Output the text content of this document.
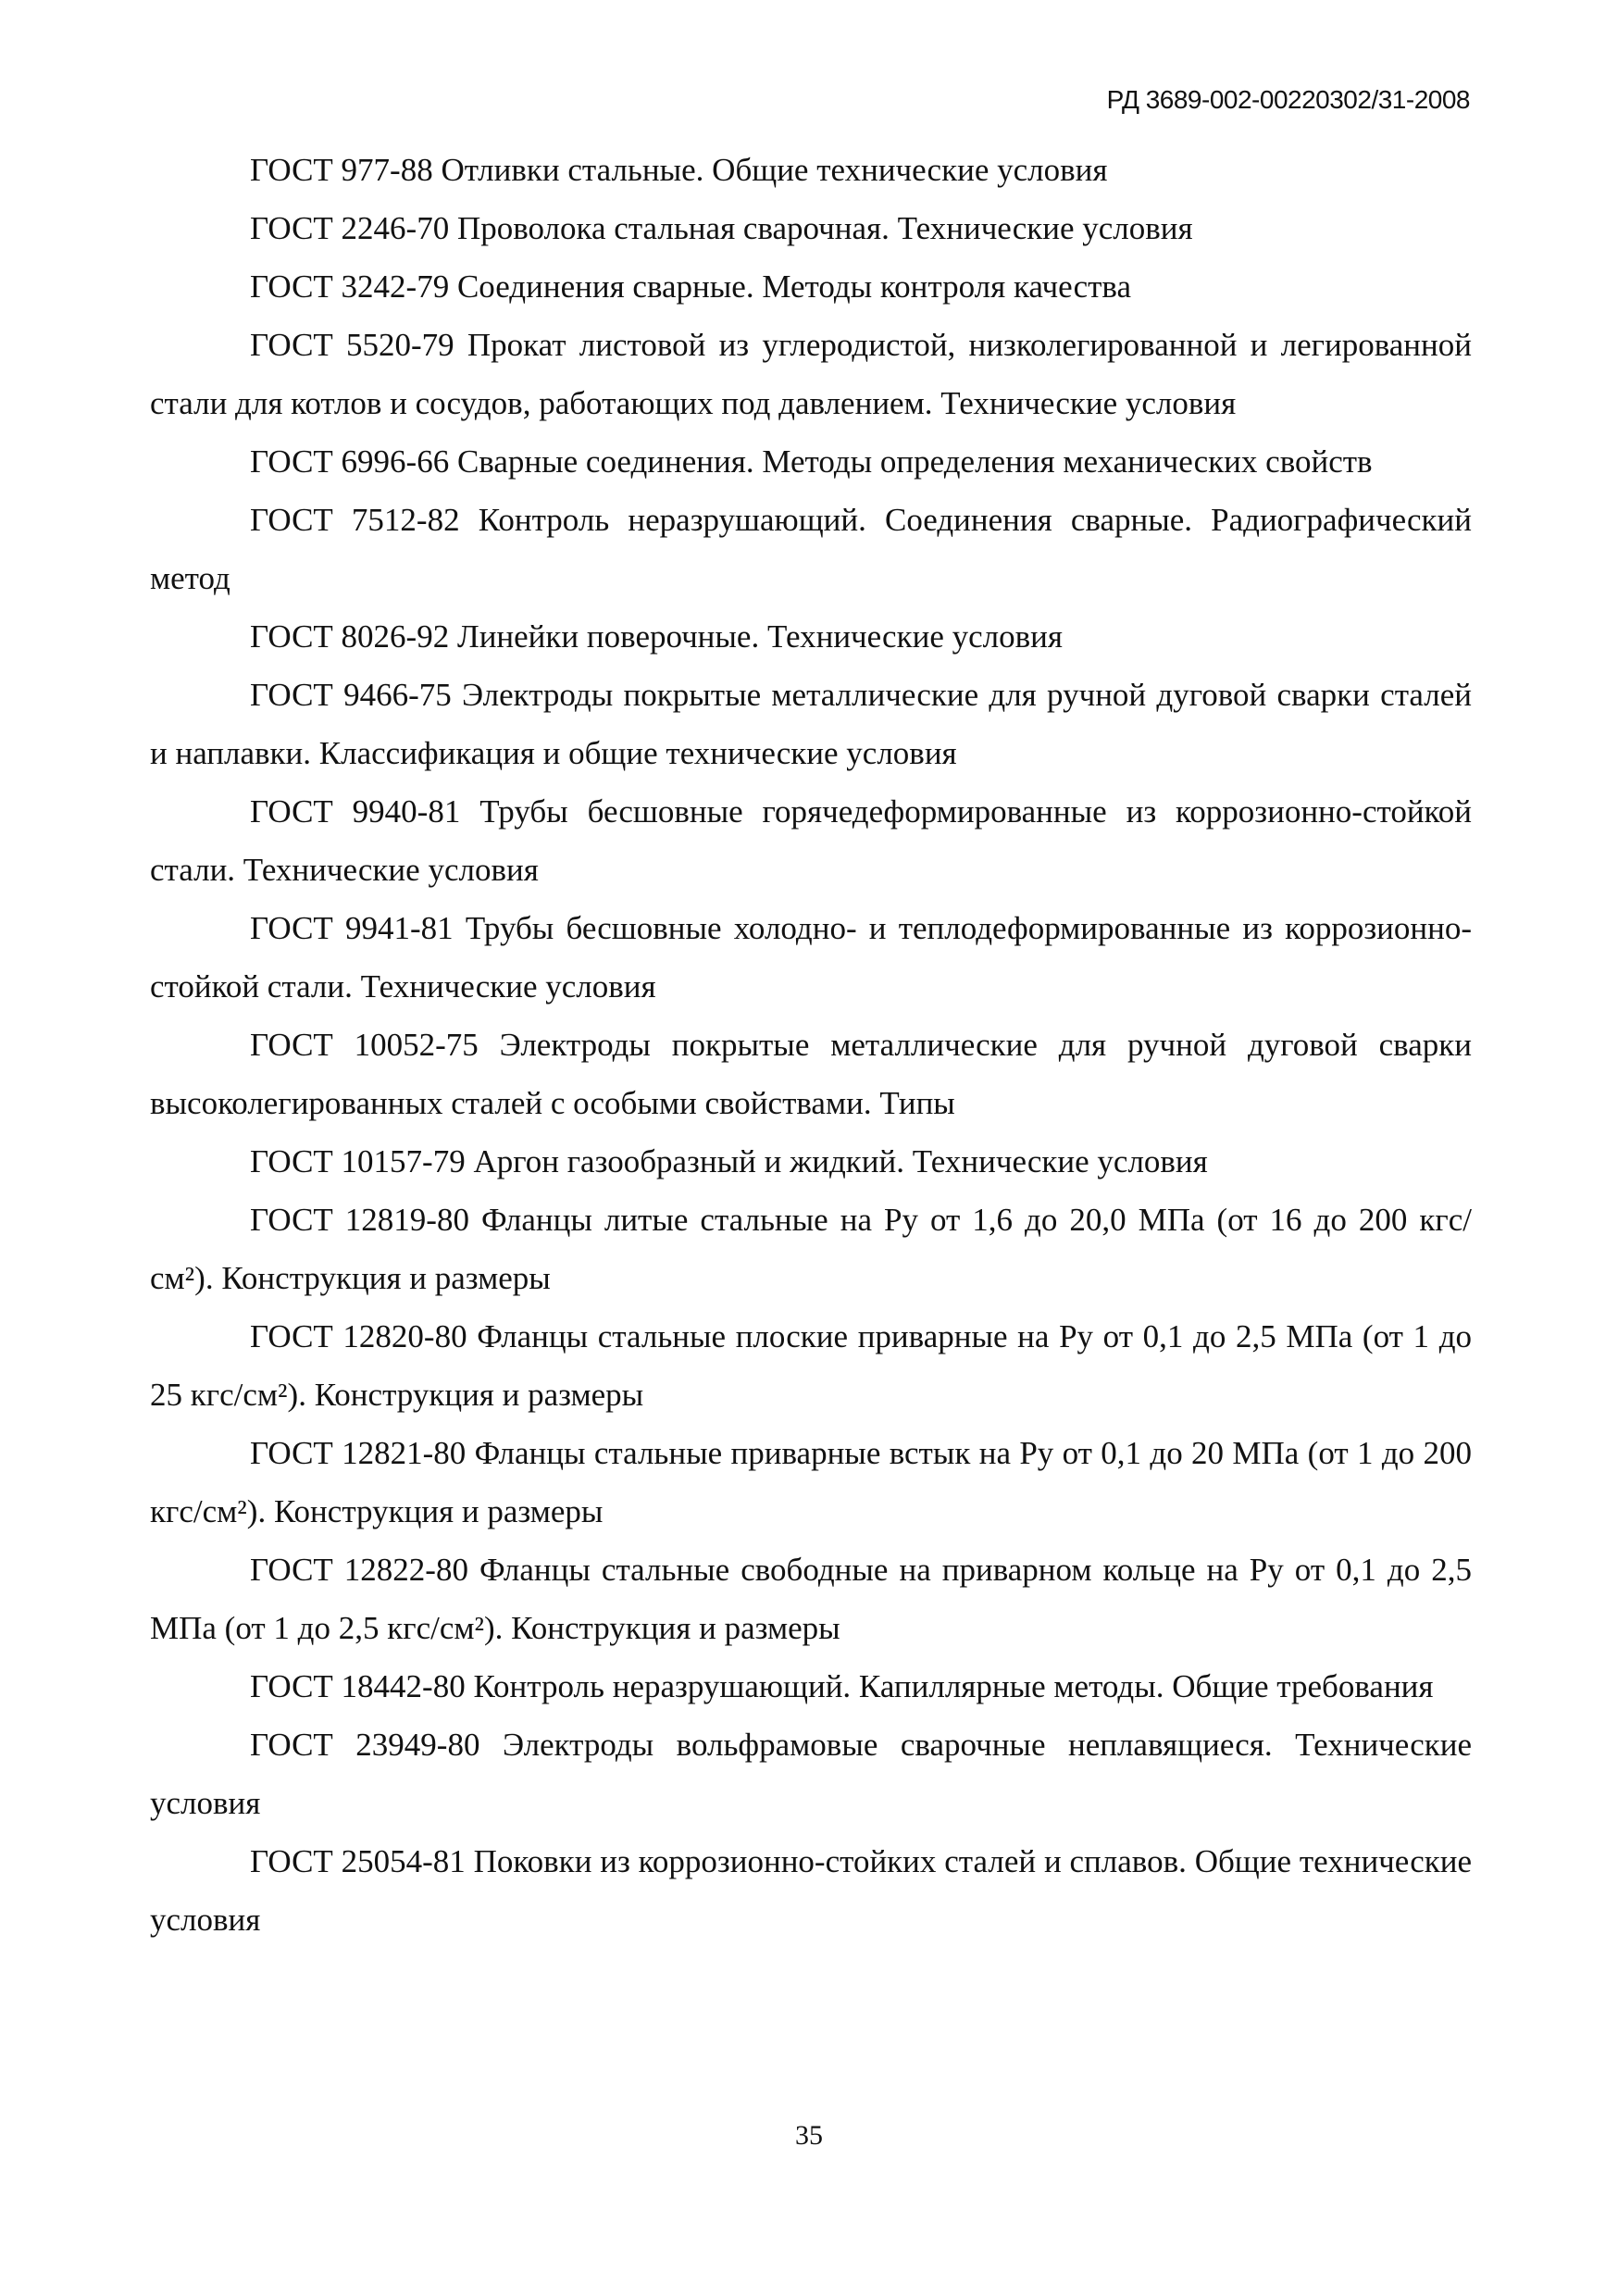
РД 3689-002-00220302/31-2008
ГОСТ 977-88 Отливки стальные. Общие технические условия
ГОСТ 2246-70 Проволока стальная сварочная. Технические условия
ГОСТ 3242-79 Соединения сварные. Методы контроля качества
ГОСТ 5520-79 Прокат листовой из углеродистой, низколегированной и легированной стали для котлов и сосудов, работающих под давлением. Технические условия
ГОСТ 6996-66 Сварные соединения. Методы определения механических свойств
ГОСТ 7512-82 Контроль неразрушающий. Соединения сварные. Радиографический метод
ГОСТ 8026-92 Линейки поверочные. Технические условия
ГОСТ 9466-75 Электроды покрытые металлические для ручной дуговой сварки сталей и наплавки. Классификация и общие технические условия
ГОСТ 9940-81 Трубы бесшовные горячедеформированные из коррозионно-стойкой стали. Технические условия
ГОСТ 9941-81 Трубы бесшовные холодно- и теплодеформированные из коррозионно-стойкой стали. Технические условия
ГОСТ 10052-75 Электроды покрытые металлические для ручной дуговой сварки высоколегированных сталей с особыми свойствами. Типы
ГОСТ 10157-79 Аргон газообразный и жидкий. Технические условия
ГОСТ 12819-80 Фланцы литые стальные на Ру от 1,6 до 20,0 МПа (от 16 до 200 кгс/см²). Конструкция и размеры
ГОСТ 12820-80 Фланцы стальные плоские приварные на Ру от 0,1 до 2,5 МПа (от 1 до 25 кгс/см²). Конструкция и размеры
ГОСТ 12821-80 Фланцы стальные приварные встык на Ру от 0,1 до 20 МПа (от 1 до 200 кгс/см²). Конструкция и размеры
ГОСТ 12822-80 Фланцы стальные свободные на приварном кольце на Ру от 0,1 до 2,5 МПа (от 1 до 2,5 кгс/см²). Конструкция и размеры
ГОСТ 18442-80 Контроль неразрушающий. Капиллярные методы. Общие требования
ГОСТ 23949-80 Электроды вольфрамовые сварочные неплавящиеся. Технические условия
ГОСТ 25054-81 Поковки из коррозионно-стойких сталей и сплавов. Общие технические условия
35
